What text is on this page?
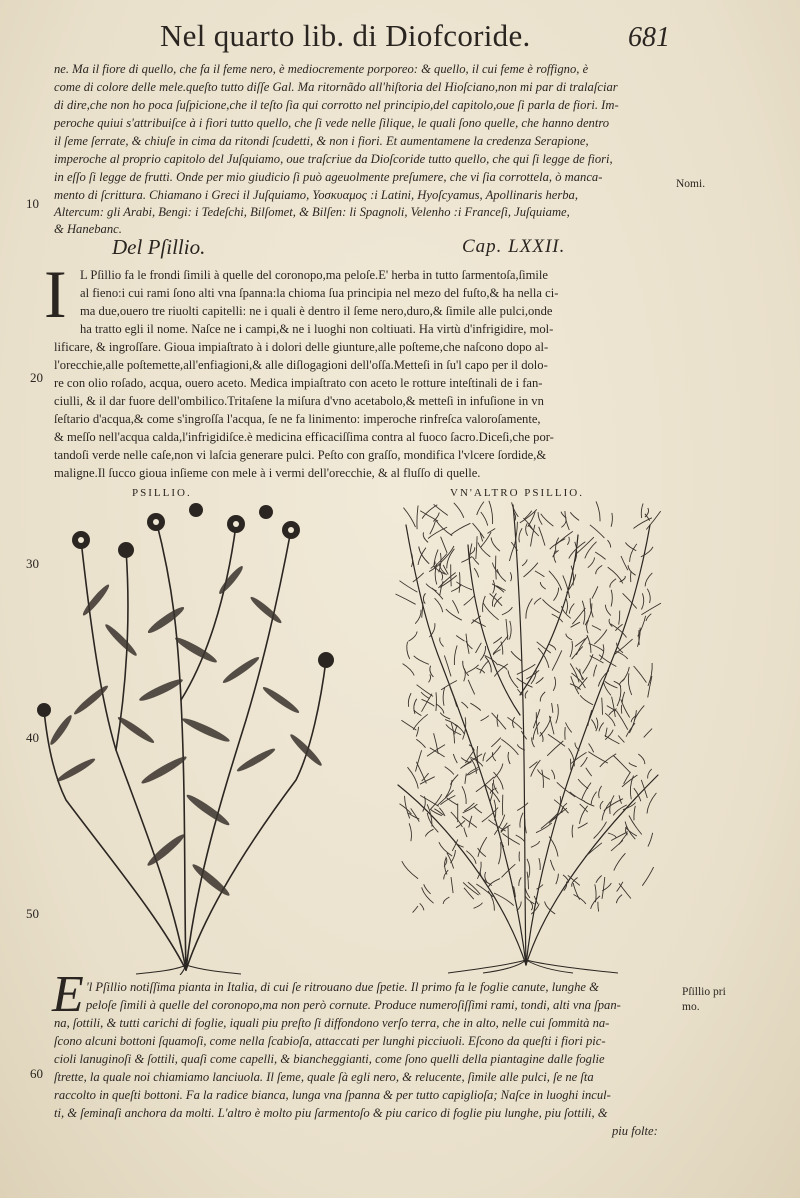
Nel quarto lib. di Diofcoride.	681
ne. Ma il fiore di quello, che fa il feme nero, è mediocremente porporeo: & quello, il cui feme è roffigno, è
come di colore delle mele.queſto tutto diſſe Gal. Ma ritornãdo all'hiſtoria del Hioſciano,non mi par di tralaſciar
di dire,che non ho poca ſuſpicione,che il teſto ſia qui corrotto nel principio,del capitolo,oue ſi parla de fiori. Im-
peroche quiui s'attribuiſce à i fiori tutto quello, che ſi vede nelle ſilique, le quali ſono quelle, che hanno dentro
il ſeme ſerrate, & chiuſe in cima da ritondi ſcudetti, & non i fiori. Et aumentamene la credenza Serapione,
imperoche al proprio capitolo del Juſquiamo, oue traſcriue da Dioſcoride tutto quello, che qui ſi legge de fiori,
in eſſo ſi legge de frutti. Onde per mio giudicio ſi può ageuolmente preſumere, che vi ſia corrottela, ò manca-
mento di ſcrittura. Chiamano i Greci il Juſquiamo, Υοσκυαμος :i Latini, Hyoſcyamus, Apollinaris herba,
Altercum: gli Arabi, Bengi: i Tedeſchi, Bilſomet, & Bilſen: li Spagnoli, Velenho :i Franceſi, Juſquiame,
& Hanebanc.
Nomi.
10
Del Pſillio.	Cap. LXXII.
I L Pſillio fa le frondi ſimili à quelle del coronopo,ma peloſe.E' herba in tutto ſarmentoſa,ſimile
al fieno:i cui rami ſono alti vna ſpanna:la chioma ſua principia nel mezo del fuſto,& ha nella ci-
ma due,ouero tre riuolti capitelli: ne i quali è dentro il ſeme nero,duro,& ſimile alle pulci,onde
ha tratto egli il nome. Naſce ne i campi,& ne i luoghi non coltiuati. Ha virtù d'infrigidire, mol-
lificare, & ingroſſare. Gioua impiaſtrato à i dolori delle giunture,alle poſteme,che naſcono dopo al-
l'orecchie,alle poſtemette,all'enfiagioni,& alle diſlogagioni dell'oſſa.Metteſi in ſu'l capo per il dolo-
re con olio roſado, acqua, ouero aceto. Medica impiaſtrato con aceto le rotture inteſtinali de i fan-
ciulli, & il dar fuore dell'ombilico.Tritaſene la miſura d'vno acetabolo,& metteſi in infuſione in vn
ſeſtario d'acqua,& come s'ingroſſa l'acqua, ſe ne fa linimento: imperoche rinfreſca valoroſamente,
& meſſo nell'acqua calda,l'infrigidiſce.è medicina efficaciſſima contra al fuoco ſacro.Diceſi,che por-
tandoſi verde nelle caſe,non vi laſcia generare pulci. Peſto con graſſo, mondifica l'vlcere ſordide,&
maligne.Il ſucco gioua inſieme con mele à i vermi dell'orecchie, & al fluſſo di quelle.
20
PSILLIO.	VN'ALTRO PSILLIO.
30
40
50
E 'l Pſillio notiſſima pianta in Italia, di cui ſe ritrouano due ſpetie. Il primo fa le foglie canute, lunghe &
peloſe ſimili à quelle del coronopo,ma non però cornute. Produce numeroſiſſimi rami, tondi, alti vna ſpan-
na, ſottili, & tutti carichi di foglie, iquali piu preſto ſi diffondono verſo terra, che in alto, nelle cui ſommità na-
ſcono alcuni bottoni ſquamoſi, come nella ſcabioſa, attaccati per lunghi picciuoli. Eſcono da queſti i fiori pic-
cioli lanuginoſi & ſottili, quaſi come capelli, & biancheggianti, come ſono quelli della piantagine dalle foglie
ſtrette, la quale noi chiamiamo lanciuola. Il ſeme, quale ſà egli nero, & relucente, ſimile alle pulci, ſe ne ſta
raccolto in queſti bottoni. Fa la radice bianca, lunga vna ſpanna & per tutto capiglioſa; Naſce in luoghi incul-
ti, & ſeminaſi anchora da molti. L'altro è molto piu ſarmentoſo & piu carico di foglie piu lunghe, piu ſottili, &
piu folte:
60
Pſillio pri
mo.
